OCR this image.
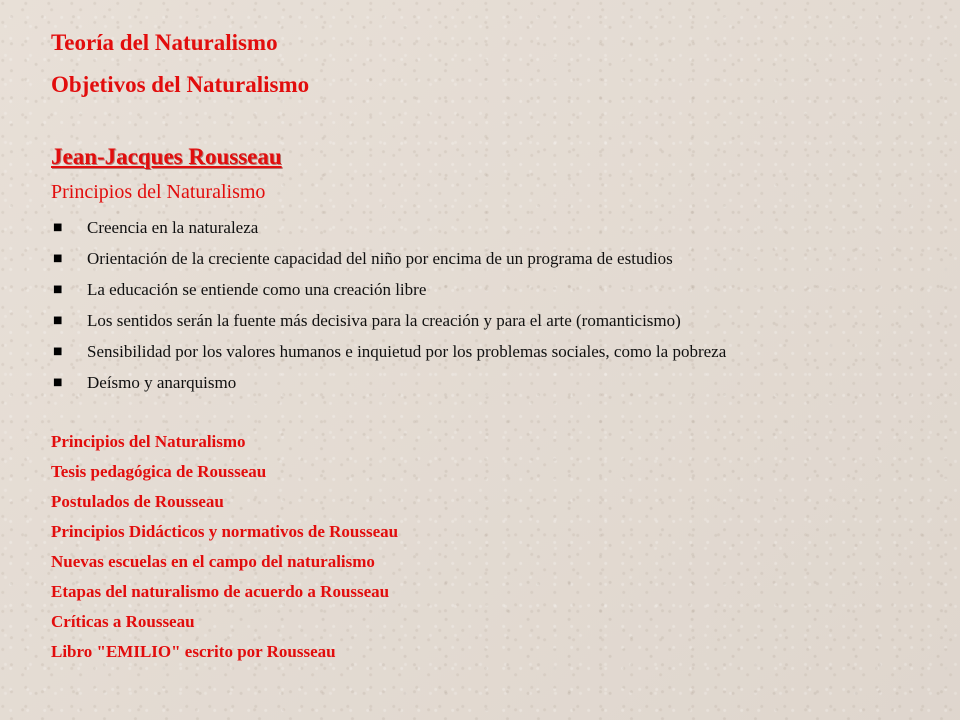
Teoría del Naturalismo
Objetivos del Naturalismo
Jean-Jacques Rousseau
Principios del Naturalismo
■	Creencia en la naturaleza
■	Orientación de la creciente capacidad del niño por encima de un programa de estudios
■	La educación se entiende como una creación libre
■	Los sentidos serán la fuente más decisiva para la creación y para el arte (romanticismo)
■	Sensibilidad por los valores humanos e inquietud por los problemas sociales, como la pobreza
■	Deísmo y anarquismo
Principios del Naturalismo
Tesis pedagógica de Rousseau
Postulados de Rousseau
Principios Didácticos y normativos de Rousseau
Nuevas escuelas en el campo del naturalismo
Etapas del naturalismo de acuerdo a Rousseau
Críticas a Rousseau
Libro "EMILIO" escrito por Rousseau
